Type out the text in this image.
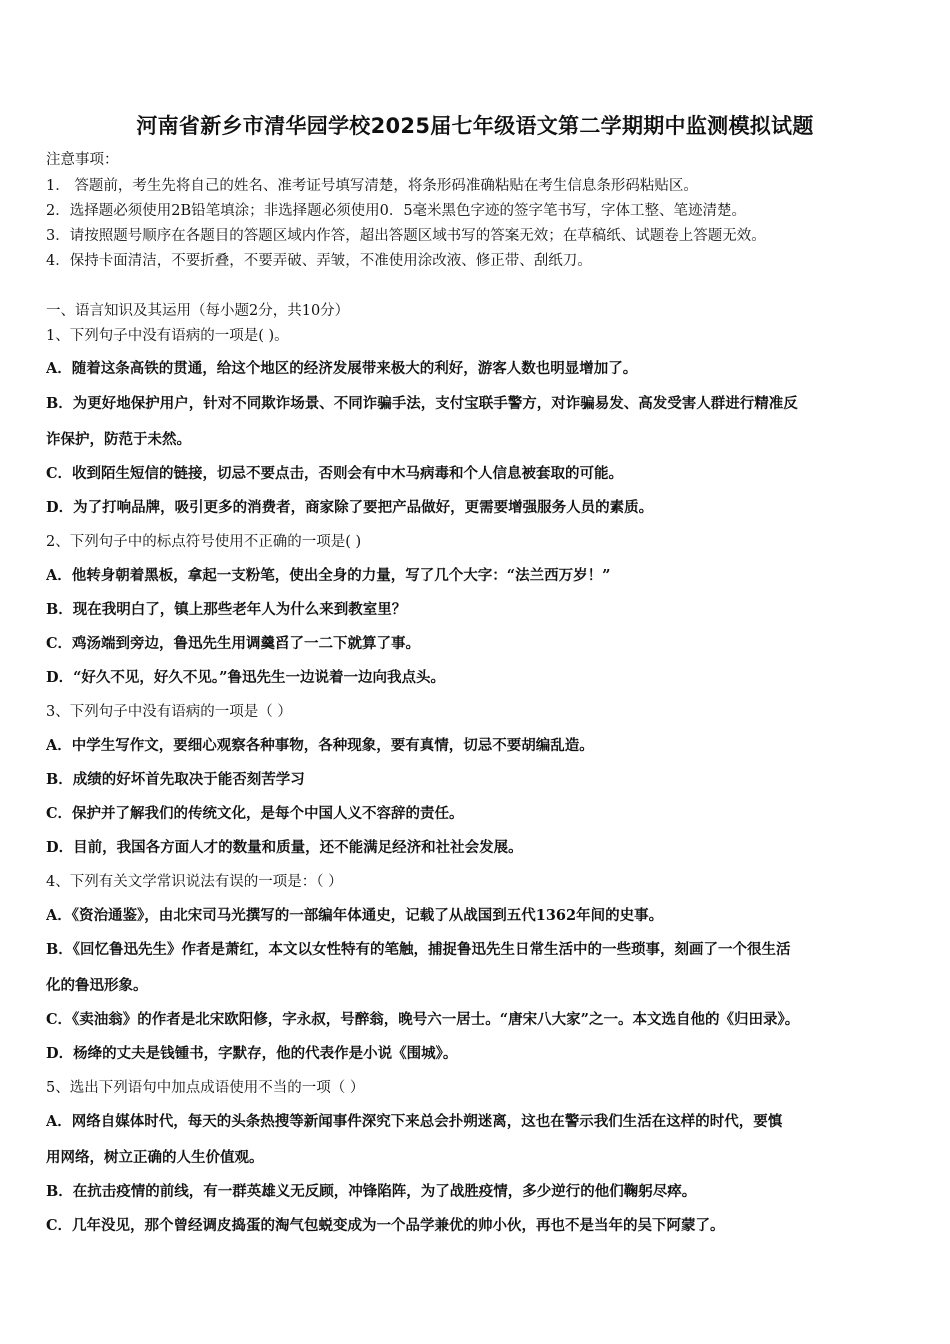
河南省新乡市清华园学校2025届七年级语文第二学期期中监测模拟试题
注意事项：
1． 答题前，考生先将自己的姓名、准考证号填写清楚，将条形码准确粘贴在考生信息条形码粘贴区。
2．选择题必须使用2B铅笔填涂；非选择题必须使用0．5毫米黑色字迹的签字笔书写，字体工整、笔迹清楚。
3．请按照题号顺序在各题目的答题区域内作答，超出答题区域书写的答案无效；在草稿纸、试题卷上答题无效。
4．保持卡面清洁，不要折叠，不要弄破、弄皱，不准使用涂改液、修正带、刮纸刀。
一、语言知识及其运用（每小题2分，共10分）
1、下列句子中没有语病的一项是( )。
A．随着这条高铁的贯通，给这个地区的经济发展带来极大的利好，游客人数也明显增加了。
B．为更好地保护用户，针对不同欺诈场景、不同诈骗手法，支付宝联手警方，对诈骗易发、高发受害人群进行精准反
诈保护，防范于未然。
C．收到陌生短信的链接，切忌不要点击，否则会有中木马病毒和个人信息被套取的可能。
D．为了打响品牌，吸引更多的消费者，商家除了要把产品做好，更需要增强服务人员的素质。
2、下列句子中的标点符号使用不正确的一项是( )
A．他转身朝着黑板，拿起一支粉笔，使出全身的力量，写了几个大字：“法兰西万岁！”
B．现在我明白了，镇上那些老年人为什么来到教室里？
C．鸡汤端到旁边，鲁迅先生用调羹舀了一二下就算了事。
D．“好久不见，好久不见。”鲁迅先生一边说着一边向我点头。
3、下列句子中没有语病的一项是（ ）
A．中学生写作文，要细心观察各种事物，各种现象，要有真情，切忌不要胡编乱造。
B．成绩的好坏首先取决于能否刻苦学习
C．保护并了解我们的传统文化，是每个中国人义不容辞的责任。
D．目前，我国各方面人才的数量和质量，还不能满足经济和社社会发展。
4、下列有关文学常识说法有误的一项是：（ ）
A．《资治通鉴》，由北宋司马光撰写的一部编年体通史，记载了从战国到五代1362年间的史事。
B．《回忆鲁迅先生》作者是萧红，本文以女性特有的笔触，捕捉鲁迅先生日常生活中的一些琐事，刻画了一个很生活
化的鲁迅形象。
C．《卖油翁》的作者是北宋欧阳修，字永叔，号醉翁，晚号六一居士。“唐宋八大家”之一。本文选自他的《归田录》。
D．杨绛的丈夫是钱锺书，字默存，他的代表作是小说《围城》。
5、选出下列语句中加点成语使用不当的一项（ ）
A．网络自媒体时代，每天的头条热搜等新闻事件深究下来总会扑朔迷离，这也在警示我们生活在这样的时代，要慎
用网络，树立正确的人生价值观。
B．在抗击疫情的前线，有一群英雄义无反顾，冲锋陷阵，为了战胜疫情，多少逆行的他们鞠躬尽瘁。
C．几年没见，那个曾经调皮捣蛋的淘气包蜕变成为一个品学兼优的帅小伙，再也不是当年的吴下阿蒙了。
